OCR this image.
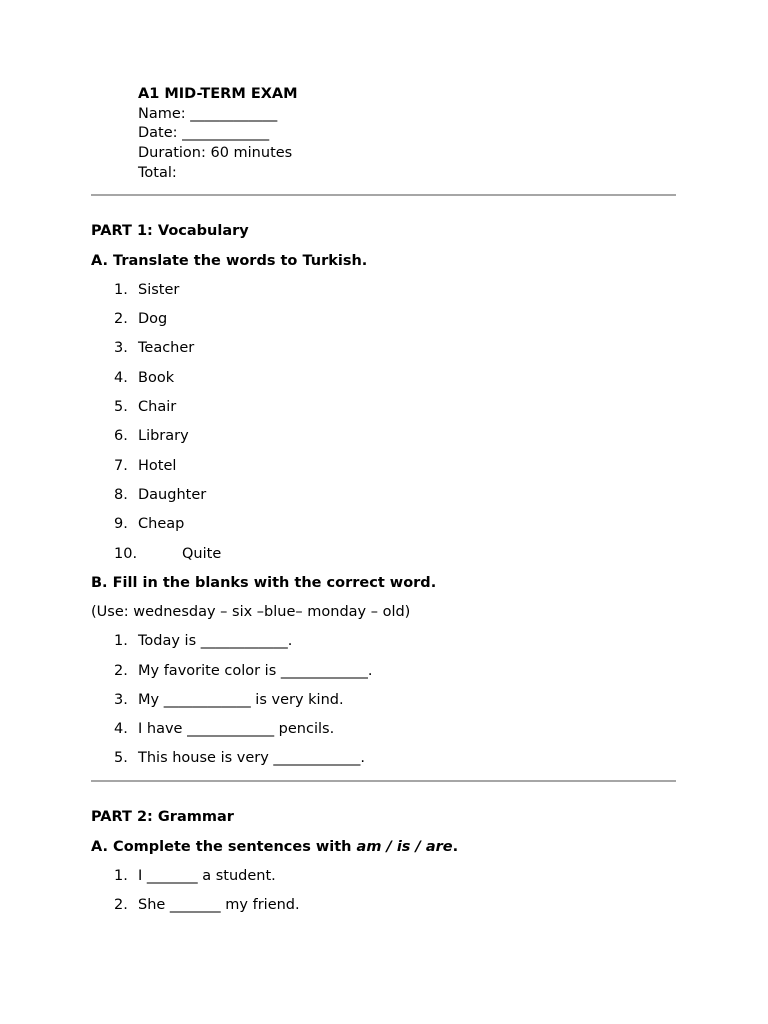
A1 MID-TERM EXAM
Name: ____________
Date: ____________
Duration: 60 minutes
Total:
PART 1: Vocabulary
A. Translate the words to Turkish.
1. Sister
2. Dog
3. Teacher
4. Book
5. Chair
6. Library
7. Hotel
8. Daughter
9. Cheap
10.	Quite
B. Fill in the blanks with the correct word.
(Use: wednesday – six –blue– monday – old)
1. Today is ____________.
2. My favorite color is ____________.
3. My ____________ is very kind.
4. I have ____________ pencils.
5. This house is very ____________.
PART 2: Grammar
A. Complete the sentences with am / is / are.
1. I _______ a student.
2. She _______ my friend.
